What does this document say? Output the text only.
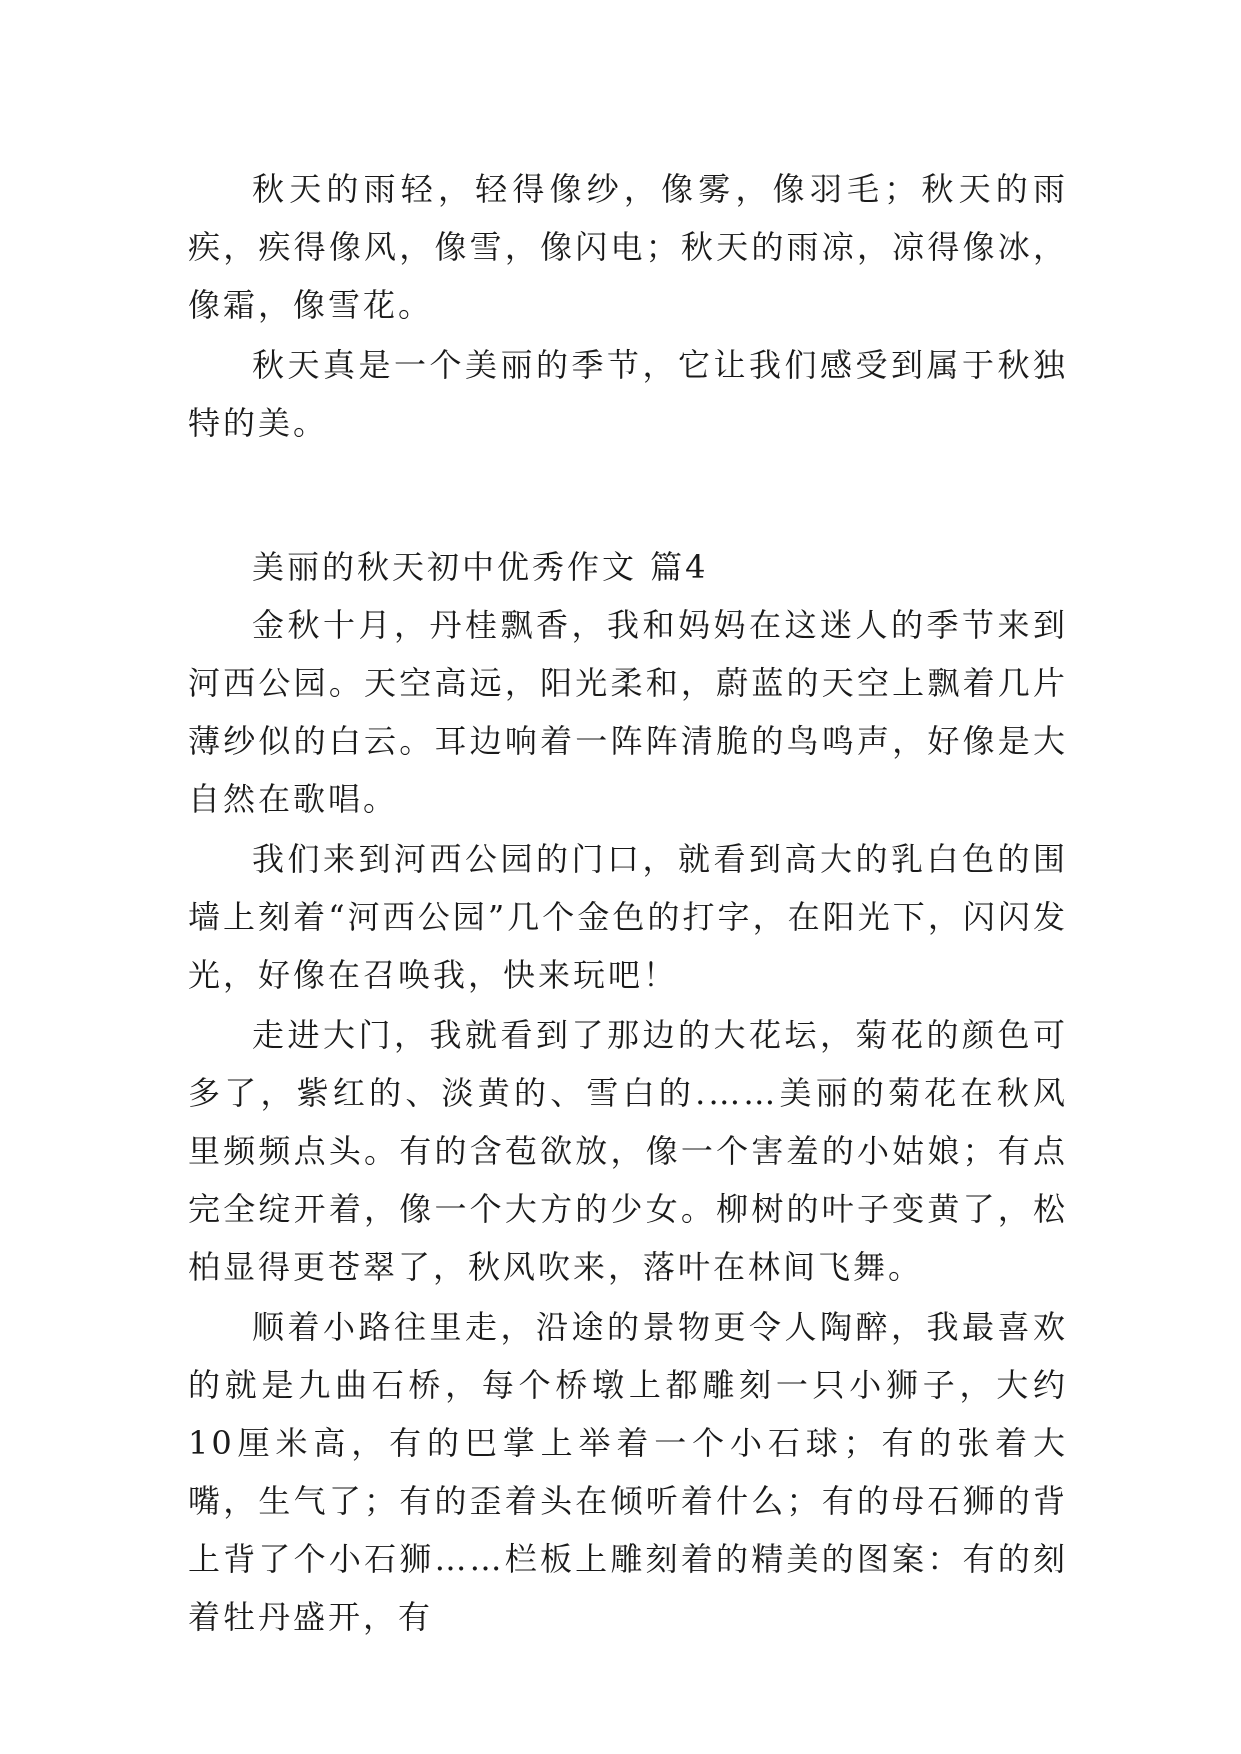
秋天的雨轻，轻得像纱，像雾，像羽毛；秋天的雨疾，疾得像风，像雪，像闪电；秋天的雨凉，凉得像冰，像霜，像雪花。

秋天真是一个美丽的季节，它让我们感受到属于秋独特的美。

美丽的秋天初中优秀作文 篇4

金秋十月，丹桂飘香，我和妈妈在这迷人的季节来到河西公园。天空高远，阳光柔和，蔚蓝的天空上飘着几片薄纱似的白云。耳边响着一阵阵清脆的鸟鸣声，好像是大自然在歌唱。

我们来到河西公园的门口，就看到高大的乳白色的围墙上刻着“河西公园”几个金色的打字，在阳光下，闪闪发光，好像在召唤我，快来玩吧！

走进大门，我就看到了那边的大花坛，菊花的颜色可多了，紫红的、淡黄的、雪白的.……美丽的菊花在秋风里频频点头。有的含苞欲放，像一个害羞的小姑娘；有点完全绽开着，像一个大方的少女。柳树的叶子变黄了，松柏显得更苍翠了，秋风吹来，落叶在林间飞舞。

顺着小路往里走，沿途的景物更令人陶醉，我最喜欢的就是九曲石桥，每个桥墩上都雕刻一只小狮子，大约10厘米高，有的巴掌上举着一个小石球；有的张着大嘴，生气了；有的歪着头在倾听着什么；有的母石狮的背上背了个小石狮……栏板上雕刻着的精美的图案：有的刻着牡丹盛开，有
